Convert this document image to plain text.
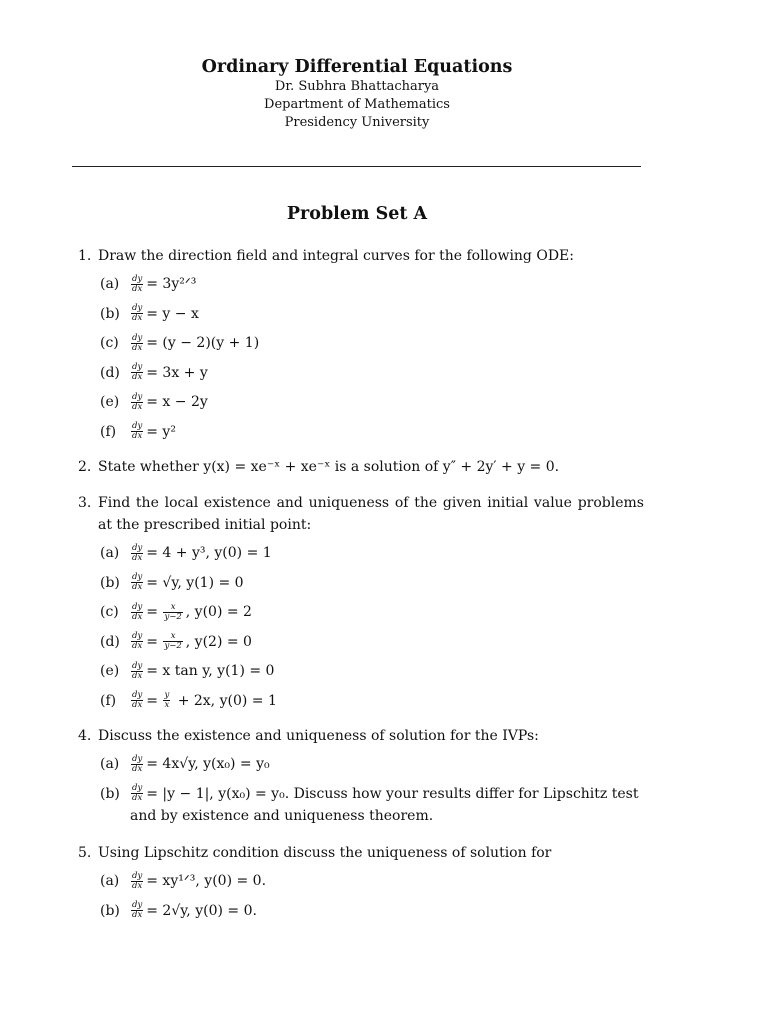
Ordinary Differential Equations

Dr. Subhra Bhattacharya

Department of Mathematics

Presidency University

Problem Set A

1. Draw the direction field and integral curves for the following ODE:
(a)	$\frac{dy}{dx}$ = 3y²ᐟ³
(b)	$\frac{dy}{dx} = y - x$
(c)	$\frac{dy}{dx} = (y - 2)(y + 1)$
(d)	$\frac{dy}{dx} = 3x + y$
(e)	$\frac{dy}{dx} = x - 2y$
(f)	$\frac{dy}{dx} = y^2$
2. State whether y(x) = xe⁻ˣ + xe⁻ˣ is a solution of y″ + 2y′ + y = 0.
3. Find the local existence and uniqueness of the given initial value problems at the prescribed initial point:
(a)	$\frac{dy}{dx} = 4 + y^3$, y(0) = 1
(b)	$\frac{dy}{dx} = √y$, y(1) = 0
(c)	$\frac{dy}{dx} = \frac{x}{y-2}$ , y(0) = 2
(d)	$\frac{dy}{dx} = \frac{x}{y-2}$ , y(2) = 0
(e)	$\frac{dy}{dx} = x$ tan y, y(1) = 0
(f)	$\frac{dy}{dx} = \frac{y}{x} + 2x$, y(0) = 1
4. Discuss the existence and uniqueness of solution for the IVPs:
(a)	$\frac{dy}{dx} = 4x√y$, y(x₀) = y₀
(b)	$\frac{dy}{dx} = |y - 1|$, y(x₀) = y₀. Discuss how your results differ for Lipschitz test and by existence and uniqueness theorem.
5. Using Lipschitz condition discuss the uniqueness of solution for
(a)	$\frac{dy}{dx}$ = xy¹ᐟ³, y(0) = 0.
(b)	$\frac{dy}{dx} = 2√y$, y(0) = 0.
